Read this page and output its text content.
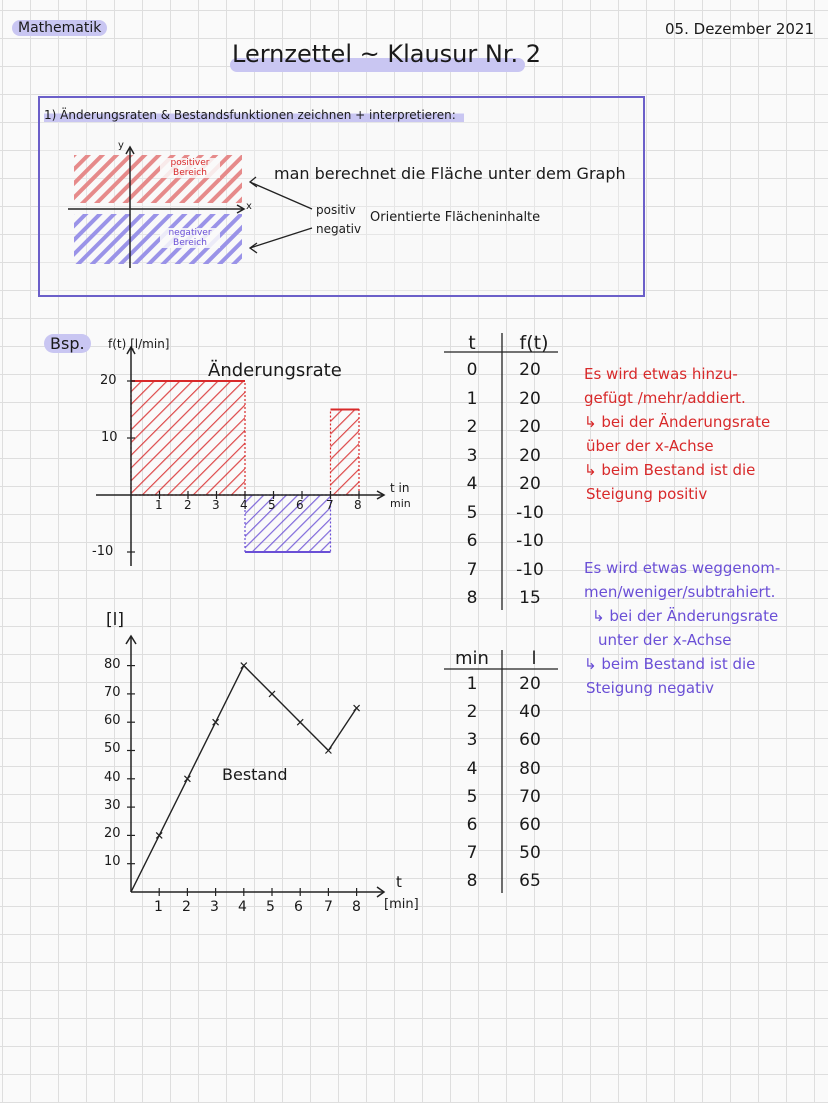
Mathematik	05. Dezember 2021
Lernzettel ~ Klausur Nr. 2
1) Änderungsraten & Bestandsfunktionen zeichnen + interpretieren:
y
x
positiver Bereich
negativer Bereich
man berechnet die Fläche unter dem Graph
positiv
negativ
Orientierte Flächeninhalte
Bsp.	f(t) [l/min]
Änderungsrate
t in
min
20
10
-10
1 2 3 4 5 6 7 8
[l]
Bestand
t
[min]
80
70
60
50
40
30
20
10
1 2 3 4 5 6 7 8
t	f(t)
0	20
1	20
2	20
3	20
4	20
5	-10
6	-10
7	-10
8	15
min	l
1	20
2	40
3	60
4	80
5	70
6	60
7	50
8	65
Es wird etwas hinzu-
gefügt /mehr/addiert.
↳ bei der Änderungsrate
über der x-Achse
↳ beim Bestand ist die
Steigung positiv
Es wird etwas weggenom-
men/weniger/subtrahiert.
↳ bei der Änderungsrate
unter der x-Achse
↳ beim Bestand ist die
Steigung negativ
